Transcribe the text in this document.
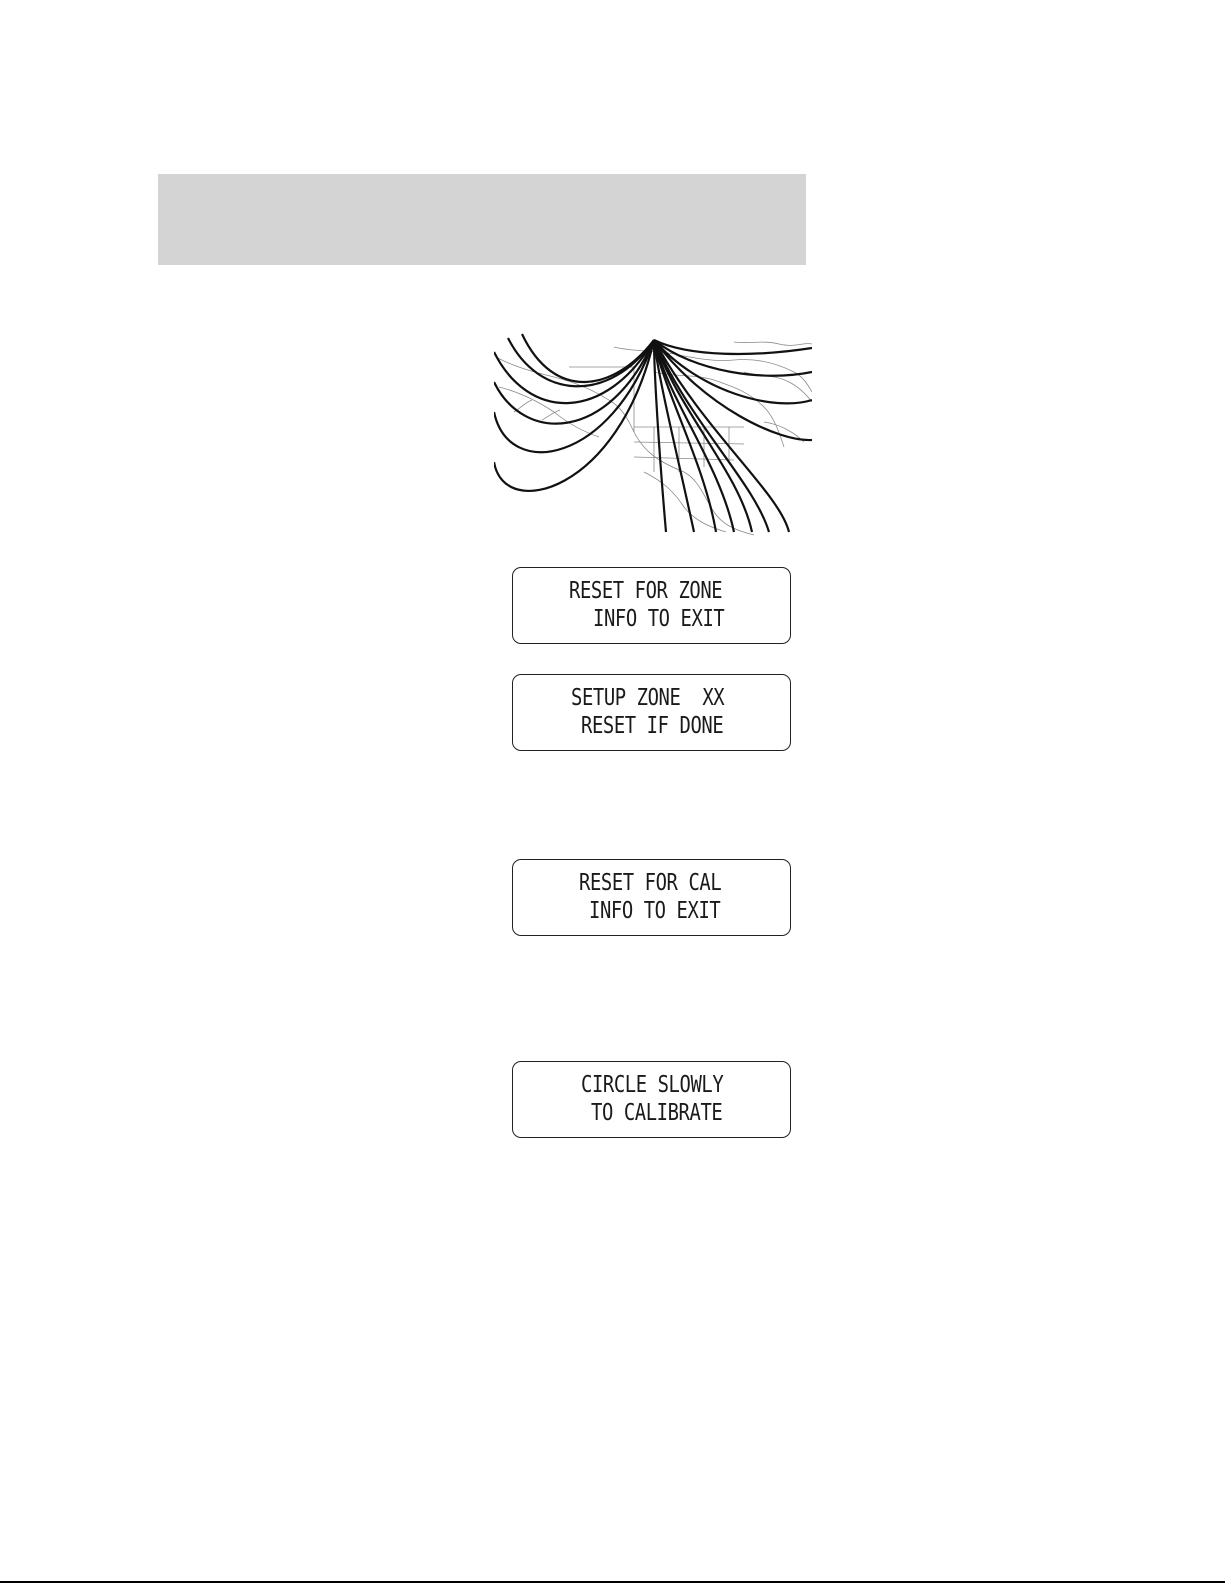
RESET FOR ZONE
INFO TO EXIT
SETUP ZONE  XX
RESET IF DONE
RESET FOR CAL
INFO TO EXIT
CIRCLE SLOWLY
TO CALIBRATE
